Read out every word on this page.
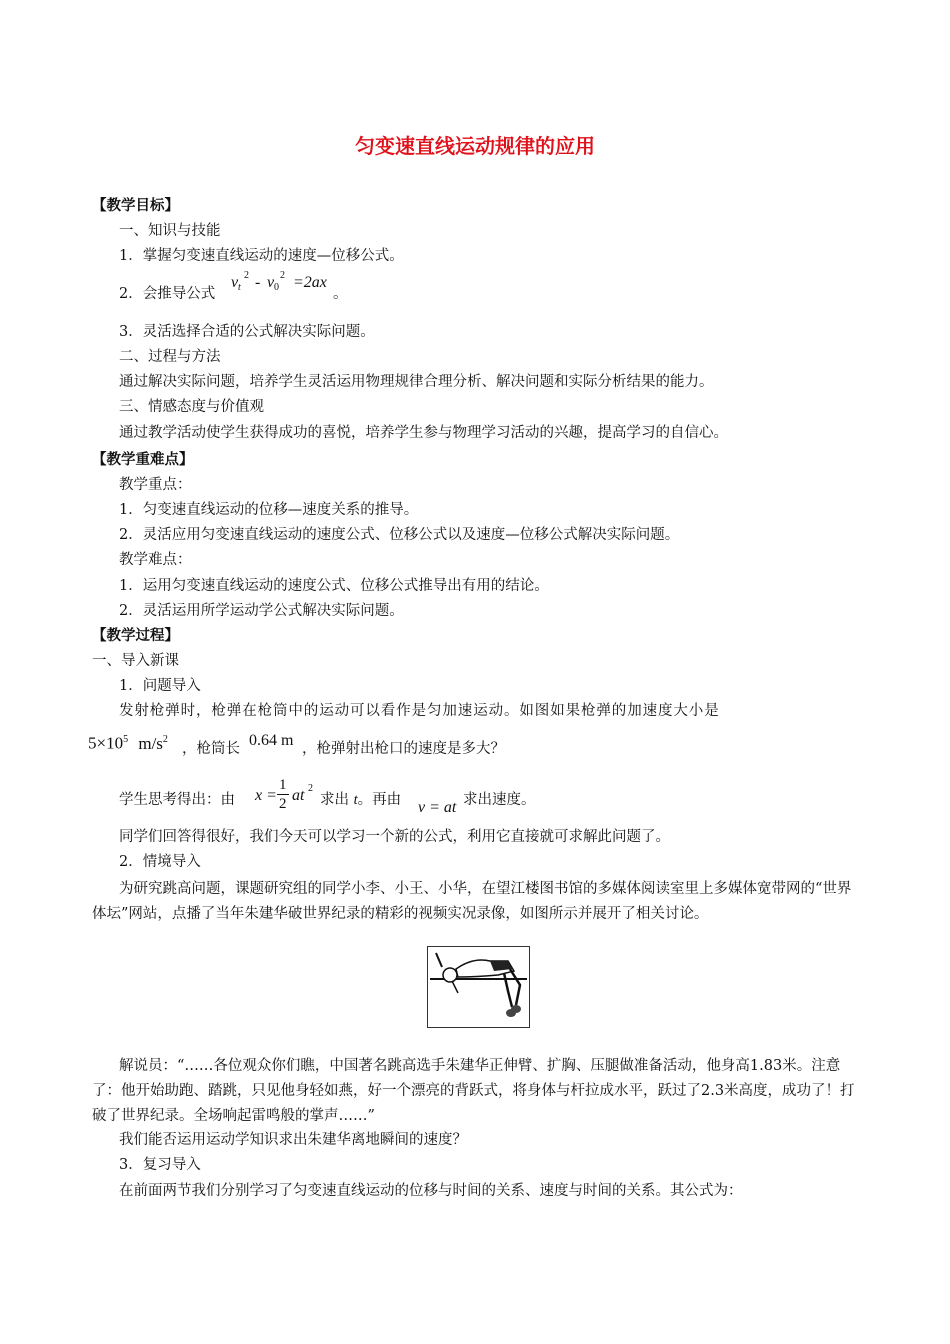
匀变速直线运动规律的应用
【教学目标】
一、知识与技能
1．掌握匀变速直线运动的速度—位移公式。
2．会推导公式
v t
2 - v 0
2 =2ax
。
3．灵活选择合适的公式解决实际问题。
二、过程与方法
通过解决实际问题，培养学生灵活运用物理规律合理分析、解决问题和实际分析结果的能力。
三、情感态度与价值观
通过教学活动使学生获得成功的喜悦，培养学生参与物理学习活动的兴趣，提高学习的自信心。
【教学重难点】
教学重点：
1．匀变速直线运动的位移—速度关系的推导。
2．灵活应用匀变速直线运动的速度公式、位移公式以及速度—位移公式解决实际问题。
教学难点：
1．运用匀变速直线运动的速度公式、位移公式推导出有用的结论。
2．灵活运用所学运动学公式解决实际问题。
【教学过程】
一、导入新课
1．问题导入
发射枪弹时，枪弹在枪筒中的运动可以看作是匀加速运动。如图如果枪弹的加速度大小是
$5\times 10^5$ $m/s^2$
，枪筒长 0.64 m ，枪弹射出枪口的速度是多大？
学生思考得出：由 $x = \frac{1}{2}$ at 2
求出 t。再由 v = at 求出速度。
同学们回答得很好，我们今天可以学习一个新的公式，利用它直接就可求解此问题了。
2．情境导入
为研究跳高问题，课题研究组的同学小李、小王、小华，在望江楼图书馆的多媒体阅读室里上多媒体宽带网的“世界体坛”网站，点播了当年朱建华破世界纪录的精彩的视频实况录像，如图所示并展开了相关讨论。
解说员：“……各位观众你们瞧，中国著名跳高选手朱建华正伸臂、扩胸、压腿做准备活动，他身高1.83米。注意了：他开始助跑、踏跳，只见他身轻如燕，好一个漂亮的背跃式，将身体与杆拉成水平，跃过了2.3米高度，成功了！打破了世界纪录。全场响起雷鸣般的掌声……”
我们能否运用运动学知识求出朱建华离地瞬间的速度？
3．复习导入
在前面两节我们分别学习了匀变速直线运动的位移与时间的关系、速度与时间的关系。其公式为：
